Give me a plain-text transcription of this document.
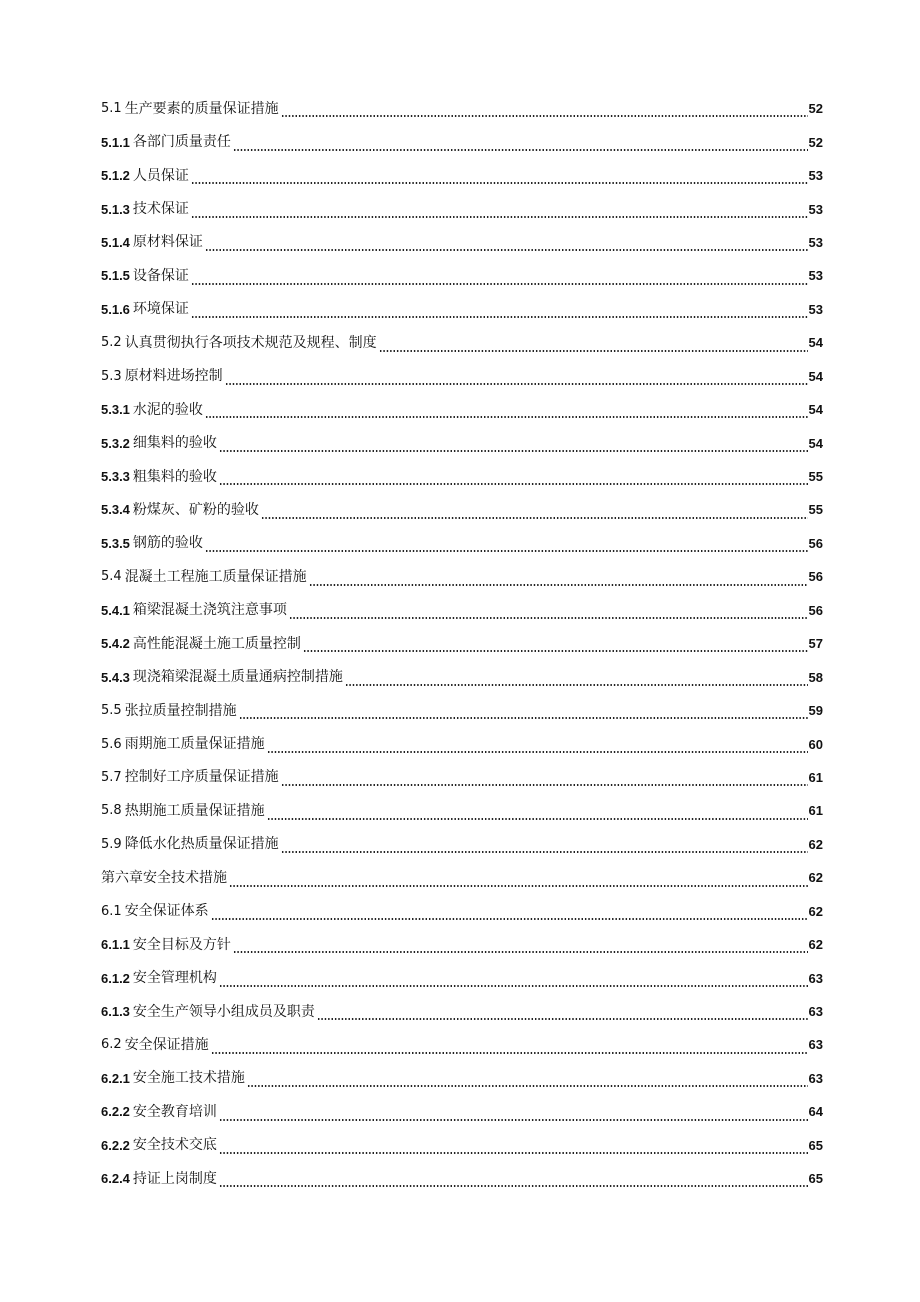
5.1 生产要素的质量保证措施	52
5.1.1 各部门质量责任	52
5.1.2 人员保证	53
5.1.3 技术保证	53
5.1.4 原材料保证	53
5.1.5 设备保证	53
5.1.6 环境保证	53
5.2 认真贯彻执行各项技术规范及规程、制度	54
5.3 原材料进场控制	54
5.3.1 水泥的验收	54
5.3.2 细集料的验收	54
5.3.3 粗集料的验收	55
5.3.4 粉煤灰、矿粉的验收	55
5.3.5 钢筋的验收	56
5.4 混凝土工程施工质量保证措施	56
5.4.1 箱梁混凝土浇筑注意事项	56
5.4.2 高性能混凝土施工质量控制	57
5.4.3 现浇箱梁混凝土质量通病控制措施	58
5.5 张拉质量控制措施	59
5.6 雨期施工质量保证措施	60
5.7 控制好工序质量保证措施	61
5.8 热期施工质量保证措施	61
5.9 降低水化热质量保证措施	62
第六章安全技术措施	62
6.1 安全保证体系	62
6.1.1 安全目标及方针	62
6.1.2 安全管理机构	63
6.1.3 安全生产领导小组成员及职责	63
6.2 安全保证措施	63
6.2.1 安全施工技术措施	63
6.2.2 安全教育培训	64
6.2.2 安全技术交底	65
6.2.4 持证上岗制度	65
